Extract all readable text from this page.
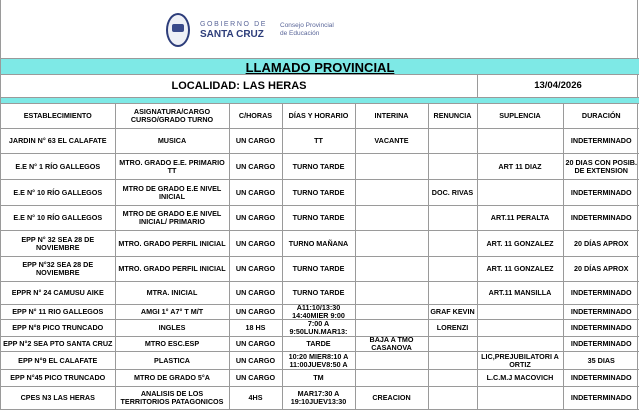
GOBIERNO DE
SANTA CRUZ
Consejo Provincial
de Educación
LLAMADO PROVINCIAL
LOCALIDAD: LAS HERAS	13/04/2026
ESTABLECIMIENTO	ASIGNATURA/CARGO CURSO/GRADO TURNO	C/HORAS	DÍAS Y HORARIO	INTERINA	RENUNCIA	SUPLENCIA	DURACIÓN

JARDIN N° 63 EL CALAFATE	MUSICA	UN CARGO	TT	VACANTE			INDETERMINADO

E.E N° 1 RÍO GALLEGOS	MTRO. GRADO E.E. PRIMARIO TT	UN CARGO	TURNO TARDE			ART 11 DIAZ	20 DIAS CON POSIB. DE EXTENSION

E.E N° 10 RÍO GALLEGOS	MTRO DE GRADO E.E NIVEL INICIAL	UN CARGO	TURNO TARDE		DOC. RIVAS		INDETERMINADO

E.E N° 10 RÍO GALLEGOS	MTRO DE GRADO E.E NIVEL INICIAL/ PRIMARIO	UN CARGO	TURNO TARDE			ART.11 PERALTA	INDETERMINADO

EPP N° 32 SEA 28 DE NOVIEMBRE	MTRO. GRADO PERFIL INICIAL	UN CARGO	TURNO MAÑANA			ART. 11 GONZALEZ	20 DÍAS APROX

EPP N°32 SEA 28 DE NOVIEMBRE	MTRO. GRADO PERFIL INICIAL	UN CARGO	TURNO TARDE			ART. 11 GONZALEZ	20 DÍAS APROX

EPPR N° 24 CAMUSU AIKE	MTRA. INICIAL	UN CARGO	TURNO TARDE			ART.11 MANSILLA	INDETERMINADO

EPP N° 11 RIO GALLEGOS	AMGI 1° A7° T M/T	UN CARGO	A11:10/13:30 14:40MIER 9:00		GRAF KEVIN		INDETERMINADO

EPP N°8 PICO TRUNCADO	INGLES	18 HS	7:00 A 9:50LUN.MAR13:		LORENZI		INDETERMINADO

EPP N°2 SEA PTO SANTA CRUZ	MTRO ESC.ESP	UN CARGO	TARDE	BAJA A TMO CASANOVA			INDETERMINADO

EPP N°9 EL CALAFATE	PLASTICA	UN CARGO	10:20 MIER8:10 A 11:00JUEV8:50 A			LIC,PREJUBILATORI A ORTIZ	35 DIAS

EPP N°45 PICO TRUNCADO	MTRO DE GRADO 5°A	UN CARGO	TM			L.C.M.J MACOVICH	INDETERMINADO

CPES N3 LAS HERAS	ANALISIS DE LOS TERRITORIOS PATAGONICOS	4HS	MAR17:30 A 19:10JUEV13:30	CREACION			INDETERMINADO
